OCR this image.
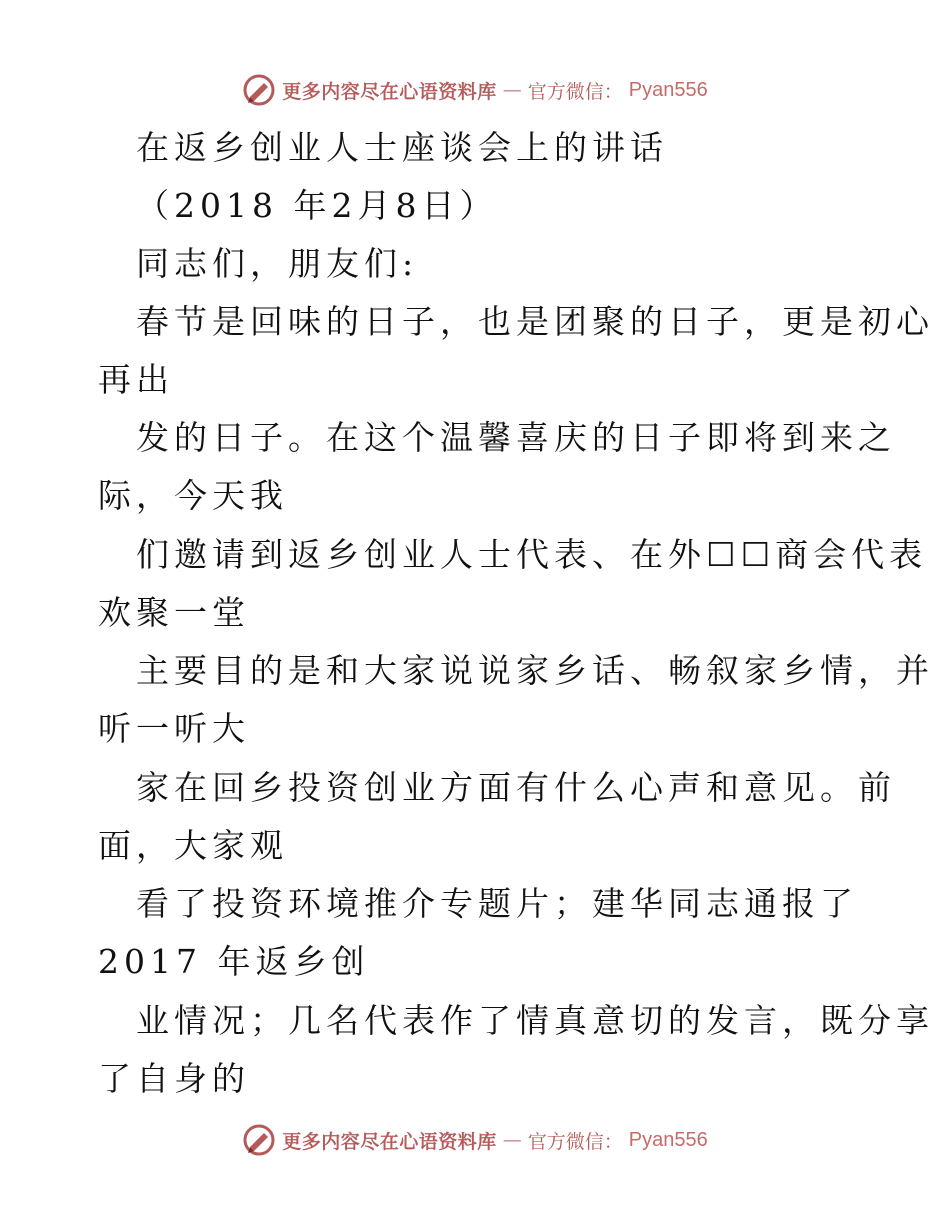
更多内容尽在心语资料库 — 官方微信： Pyan556
在返乡创业人士座谈会上的讲话
（2018 年2月8日）
同志们，朋友们:
春节是回味的日子，也是团聚的日子，更是初心
再出
发的日子。在这个温馨喜庆的日子即将到来之
际，今天我
们邀请到返乡创业人士代表、在外☐☐商会代表
欢聚一堂
主要目的是和大家说说家乡话、畅叙家乡情，并
听一听大
家在回乡投资创业方面有什么心声和意见。前
面，大家观
看了投资环境推介专题片；建华同志通报了
2017 年返乡创
业情况；几名代表作了情真意切的发言，既分享
了自身的
更多内容尽在心语资料库 — 官方微信： Pyan556
